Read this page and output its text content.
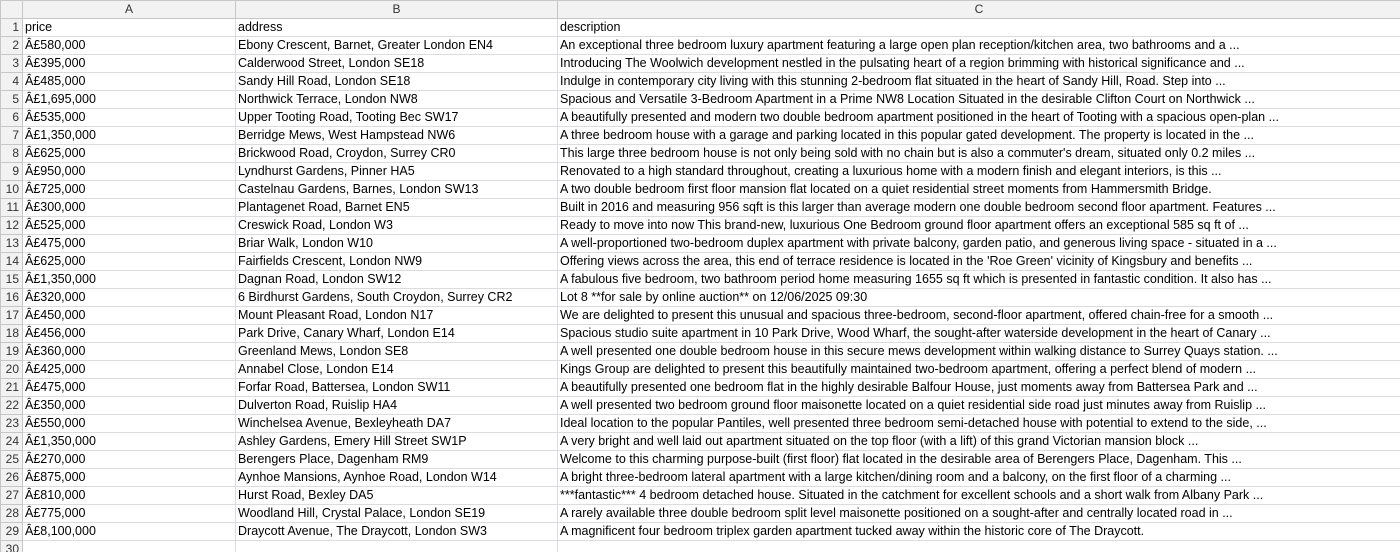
	A	B	C
1	price	address	description
2	Â£580,000	Ebony Crescent, Barnet, Greater London EN4	An exceptional three bedroom luxury apartment featuring a large open plan reception/kitchen area, two bathrooms and a ...
3	Â£395,000	Calderwood Street, London SE18	Introducing The Woolwich development nestled in the pulsating heart of a region brimming with historical significance and ...
4	Â£485,000	Sandy Hill Road, London SE18	Indulge in contemporary city living with this stunning 2-bedroom flat situated in the heart of Sandy Hill, Road. Step into ...
5	Â£1,695,000	Northwick Terrace, London NW8	Spacious and Versatile 3-Bedroom Apartment in a Prime NW8 Location Situated in the desirable Clifton Court on Northwick ...
6	Â£535,000	Upper Tooting Road, Tooting Bec SW17	A beautifully presented and modern two double bedroom apartment positioned in the heart of Tooting with a spacious open-plan ...
7	Â£1,350,000	Berridge Mews, West Hampstead NW6	A three bedroom house with a garage and parking located in this popular gated development. The property is located in the ...
8	Â£625,000	Brickwood Road, Croydon, Surrey CR0	This large three bedroom house is not only being sold with no chain but is also a commuter's dream, situated only 0.2 miles ...
9	Â£950,000	Lyndhurst Gardens, Pinner HA5	Renovated to a high standard throughout, creating a luxurious home with a modern finish and elegant interiors, is this ...
10	Â£725,000	Castelnau Gardens, Barnes, London SW13	A two double bedroom first floor mansion flat located on a quiet residential street moments from Hammersmith Bridge.
11	Â£300,000	Plantagenet Road, Barnet EN5	Built in 2016 and measuring 956 sqft is this larger than average modern one double bedroom second floor apartment. Features ...
12	Â£525,000	Creswick Road, London W3	Ready to move into now This brand-new, luxurious One Bedroom ground floor apartment offers an exceptional 585 sq ft of ...
13	Â£475,000	Briar Walk, London W10	A well-proportioned two-bedroom duplex apartment with private balcony, garden patio, and generous living space - situated in a ...
14	Â£625,000	Fairfields Crescent, London NW9	Offering views across the area, this end of terrace residence is located in the 'Roe Green' vicinity of Kingsbury and benefits ...
15	Â£1,350,000	Dagnan Road, London SW12	A fabulous five bedroom, two bathroom period home measuring 1655 sq ft which is presented in fantastic condition. It also has ...
16	Â£320,000	6 Birdhurst Gardens, South Croydon, Surrey CR2	Lot 8 **for sale by online auction** on 12/06/2025 09:30
17	Â£450,000	Mount Pleasant Road, London N17	We are delighted to present this unusual and spacious three-bedroom, second-floor apartment, offered chain-free for a smooth ...
18	Â£456,000	Park Drive, Canary Wharf, London E14	Spacious studio suite apartment in 10 Park Drive, Wood Wharf, the sought-after waterside development in the heart of Canary ...
19	Â£360,000	Greenland Mews, London SE8	A well presented one double bedroom house in this secure mews development within walking distance to Surrey Quays station. ...
20	Â£425,000	Annabel Close, London E14	Kings Group are delighted to present this beautifully maintained two-bedroom apartment, offering a perfect blend of modern ...
21	Â£475,000	Forfar Road, Battersea, London SW11	A beautifully presented one bedroom flat in the highly desirable Balfour House, just moments away from Battersea Park and ...
22	Â£350,000	Dulverton Road, Ruislip HA4	A well presented two bedroom ground floor maisonette located on a quiet residential side road just minutes away from Ruislip ...
23	Â£550,000	Winchelsea Avenue, Bexleyheath DA7	Ideal location to the popular Pantiles, well presented three bedroom semi-detached house with potential to extend to the side, ...
24	Â£1,350,000	Ashley Gardens, Emery Hill Street SW1P	A very bright and well laid out apartment situated on the top floor (with a lift) of this grand Victorian mansion block ...
25	Â£270,000	Berengers Place, Dagenham RM9	Welcome to this charming purpose-built (first floor) flat located in the desirable area of Berengers Place, Dagenham. This ...
26	Â£875,000	Aynhoe Mansions, Aynhoe Road, London W14	A bright three-bedroom lateral apartment with a large kitchen/dining room and a balcony, on the first floor of a charming ...
27	Â£810,000	Hurst Road, Bexley DA5	***fantastic*** 4 bedroom detached house. Situated in the catchment for excellent schools and a short walk from Albany Park ...
28	Â£775,000	Woodland Hill, Crystal Palace, London SE19	A rarely available three double bedroom split level maisonette positioned on a sought-after and centrally located road in ...
29	Â£8,100,000	Draycott Avenue, The Draycott, London SW3	A magnificent four bedroom triplex garden apartment tucked away within the historic core of The Draycott.
30			
